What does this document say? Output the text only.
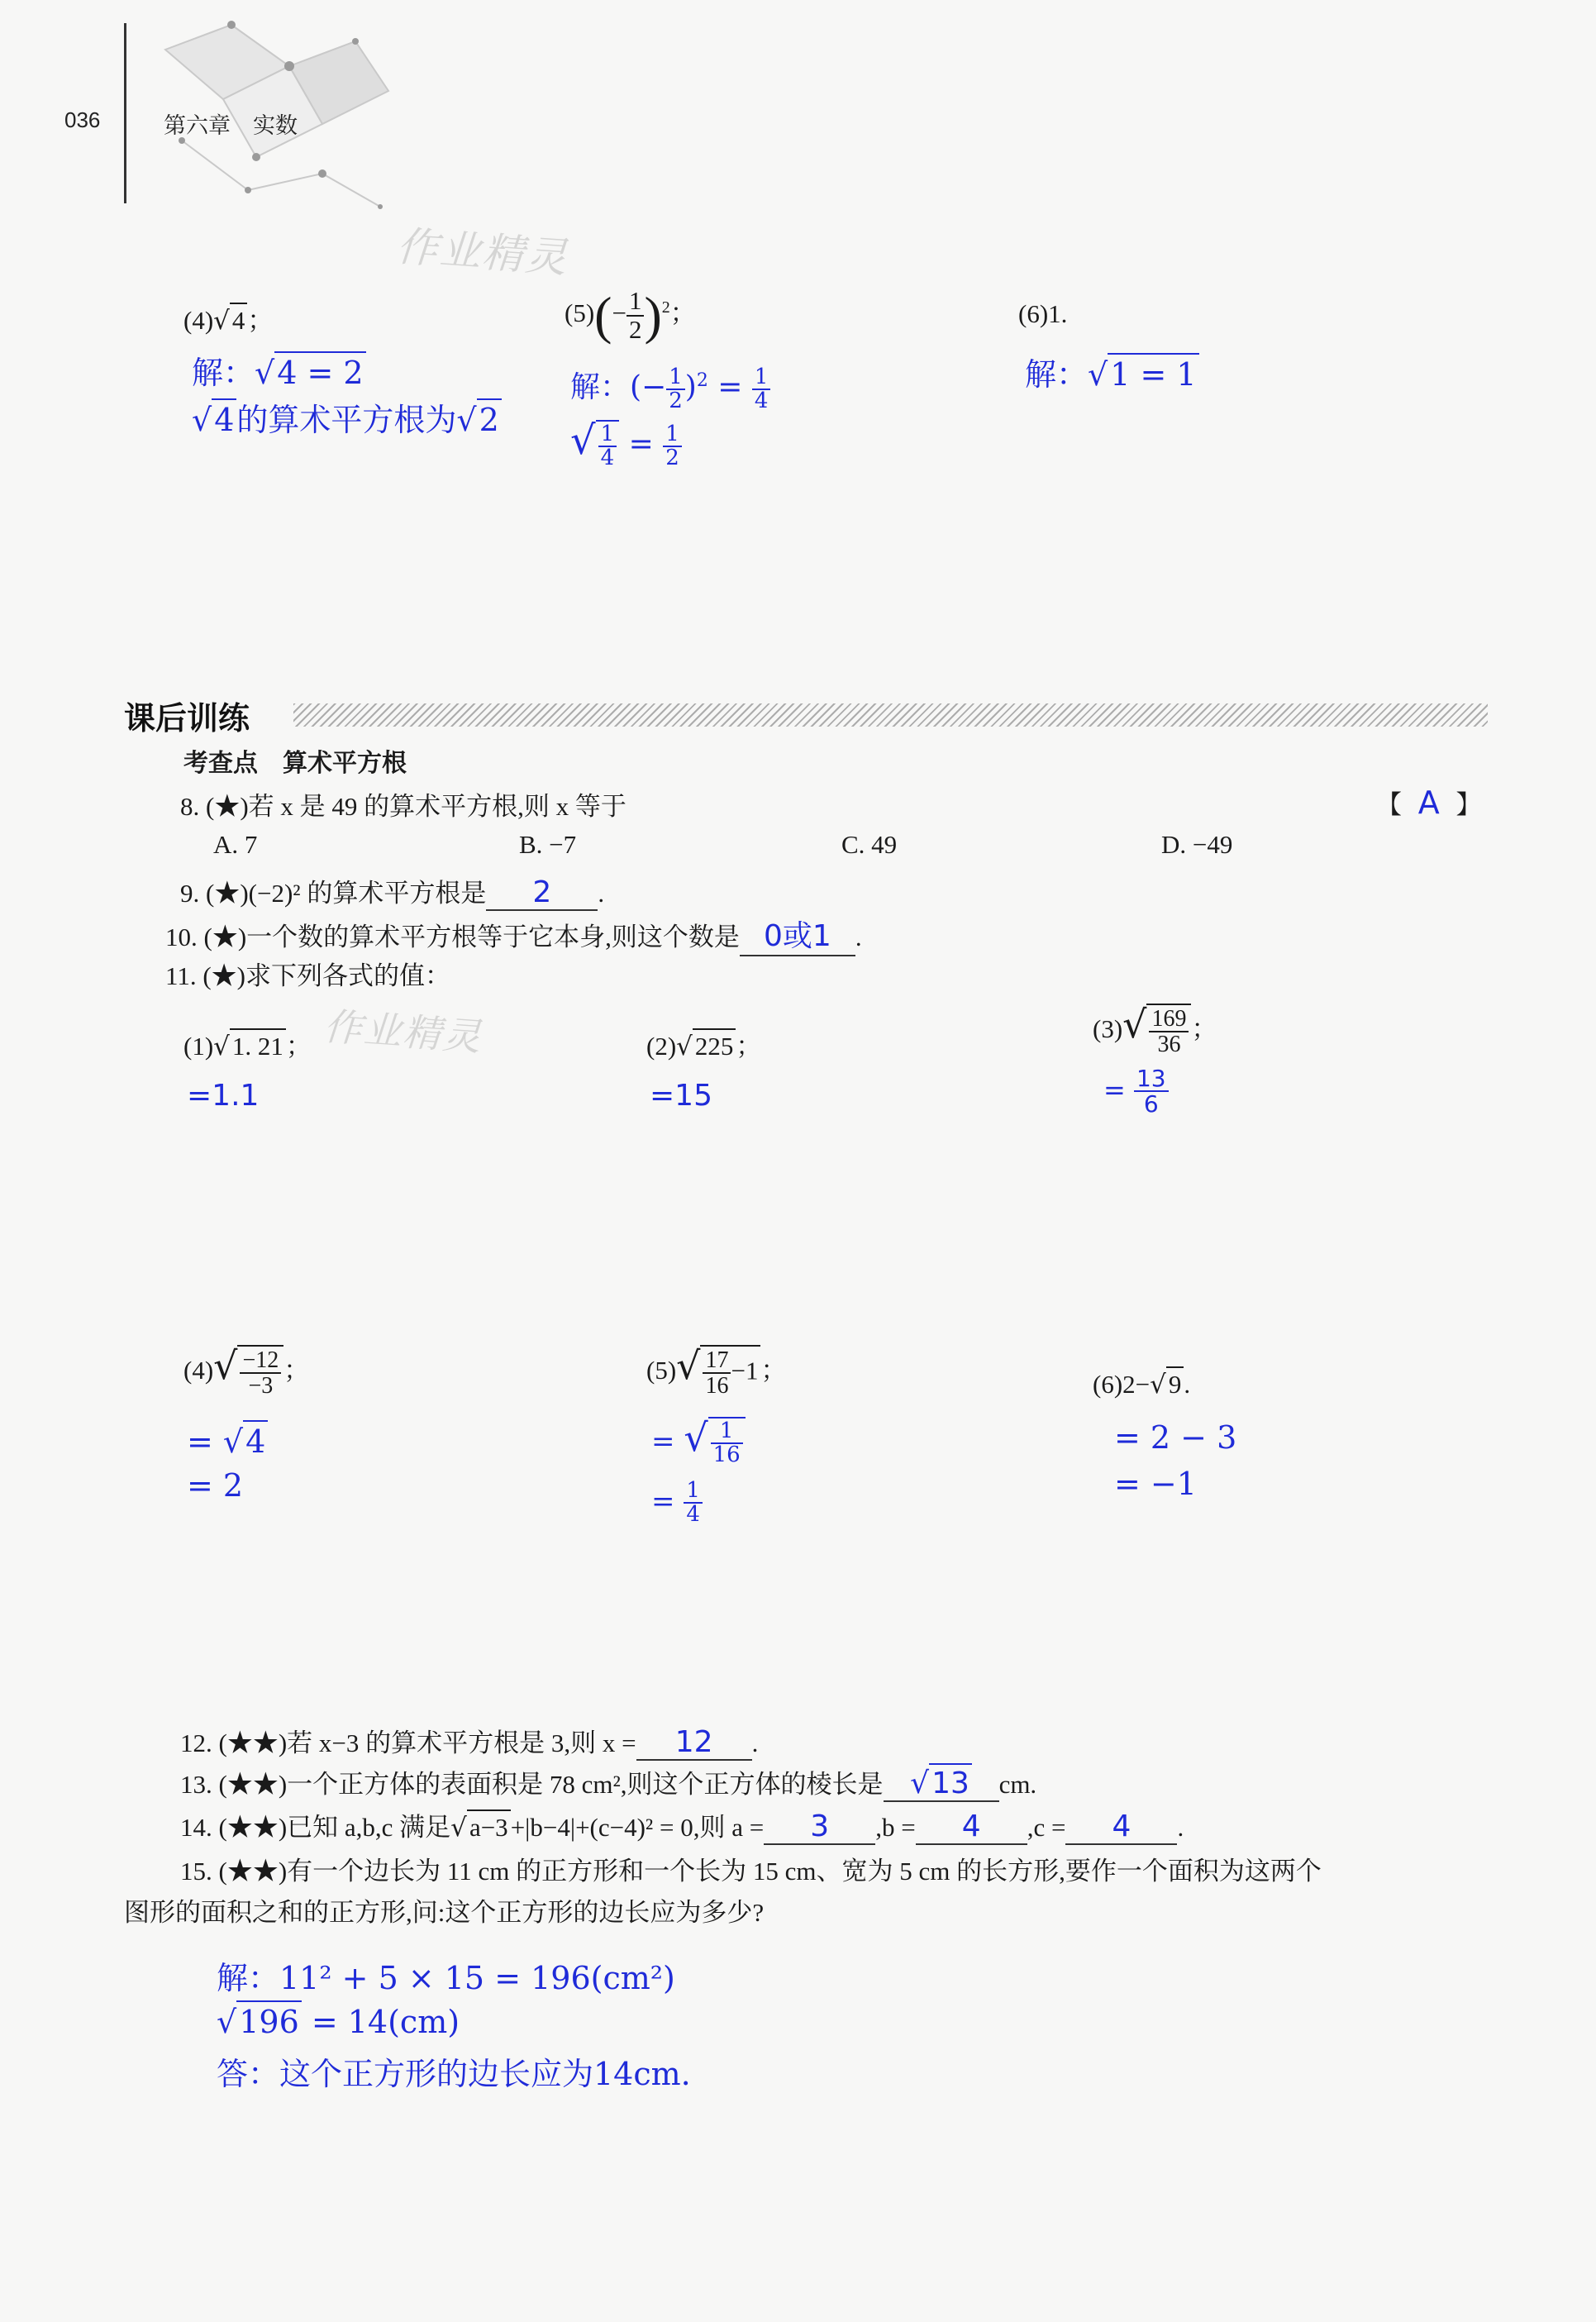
036	第六章　实数
作业精灵
(4)√4；	$(5)(- \frac{1}{2} )^2$；	(6)1.
解：√4 = 2
√4的算术平方根为√2
解：(− $\frac{1}{2} )^2 = \frac{1}{4}$
√ $\frac{1}{4} = \frac{1}{2}$
解：√1 = 1
课后训练
考查点　算术平方根
8. (★)若 x 是 49 的算术平方根,则 x 等于	【 A 】
A. 7	B. −7	C. 49	D. −49
9. (★)(−2)² 的算术平方根是 2 .
10. (★)一个数的算术平方根等于它本身,则这个数是 0或1 .
11. (★)求下列各式的值：
作业精灵
(1)√1. 21；
=1.1
(2)√225；
=15
$(3)√ \frac{169}{36}$ ；
= $\frac{13}{6}$
$(4)√ \frac{-12}{-3}$ ；
= √4
= 2
$(5)√ \frac{17}{16} -1$；
= √ $\frac{1}{16}$
= $\frac{1}{4}$
(6)2−√9.
= 2 − 3
= −1
12. (★★)若 x−3 的算术平方根是 3,则 x = 12 .
13. (★★)一个正方体的表面积是 78 cm²,则这个正方体的棱长是 √13 cm.
14. (★★)已知 a,b,c 满足√a−3+|b−4|+(c−4)² = 0,则 a = 3 ,b = 4 ,c = 4 .
15. (★★)有一个边长为 11 cm 的正方形和一个长为 15 cm、宽为 5 cm 的长方形,要作一个面积为这两个
图形的面积之和的正方形,问:这个正方形的边长应为多少?
解：11² + 5 × 15 = 196(cm²)
√196 = 14(cm)
答：这个正方形的边长应为14cm.
